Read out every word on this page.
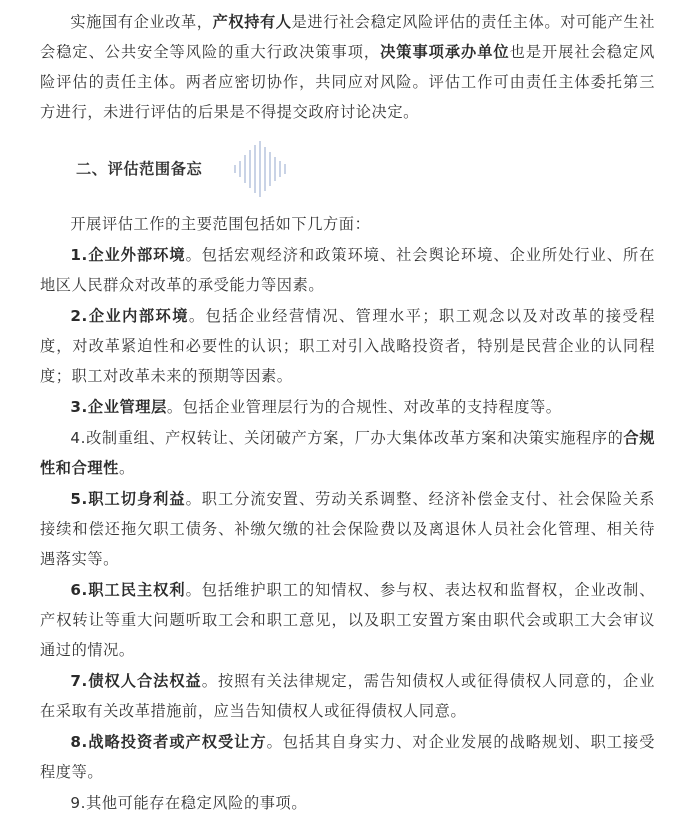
实施国有企业改革，产权持有人是进行社会稳定风险评估的责任主体。对可能产生社会稳定、公共安全等风险的重大行政决策事项，决策事项承办单位也是开展社会稳定风险评估的责任主体。两者应密切协作，共同应对风险。评估工作可由责任主体委托第三方进行，未进行评估的后果是不得提交政府讨论决定。

二、评估范围备忘

开展评估工作的主要范围包括如下几方面：

1.企业外部环境。包括宏观经济和政策环境、社会舆论环境、企业所处行业、所在地区人民群众对改革的承受能力等因素。

2.企业内部环境。包括企业经营情况、管理水平；职工观念以及对改革的接受程度，对改革紧迫性和必要性的认识；职工对引入战略投资者，特别是民营企业的认同程度；职工对改革未来的预期等因素。

3.企业管理层。包括企业管理层行为的合规性、对改革的支持程度等。

4.改制重组、产权转让、关闭破产方案，厂办大集体改革方案和决策实施程序的合规性和合理性。

5.职工切身利益。职工分流安置、劳动关系调整、经济补偿金支付、社会保险关系接续和偿还拖欠职工债务、补缴欠缴的社会保险费以及离退休人员社会化管理、相关待遇落实等。

6.职工民主权利。包括维护职工的知情权、参与权、表达权和监督权，企业改制、产权转让等重大问题听取工会和职工意见，以及职工安置方案由职代会或职工大会审议通过的情况。

7.债权人合法权益。按照有关法律规定，需告知债权人或征得债权人同意的，企业在采取有关改革措施前，应当告知债权人或征得债权人同意。

8.战略投资者或产权受让方。包括其自身实力、对企业发展的战略规划、职工接受程度等。

9.其他可能存在稳定风险的事项。
